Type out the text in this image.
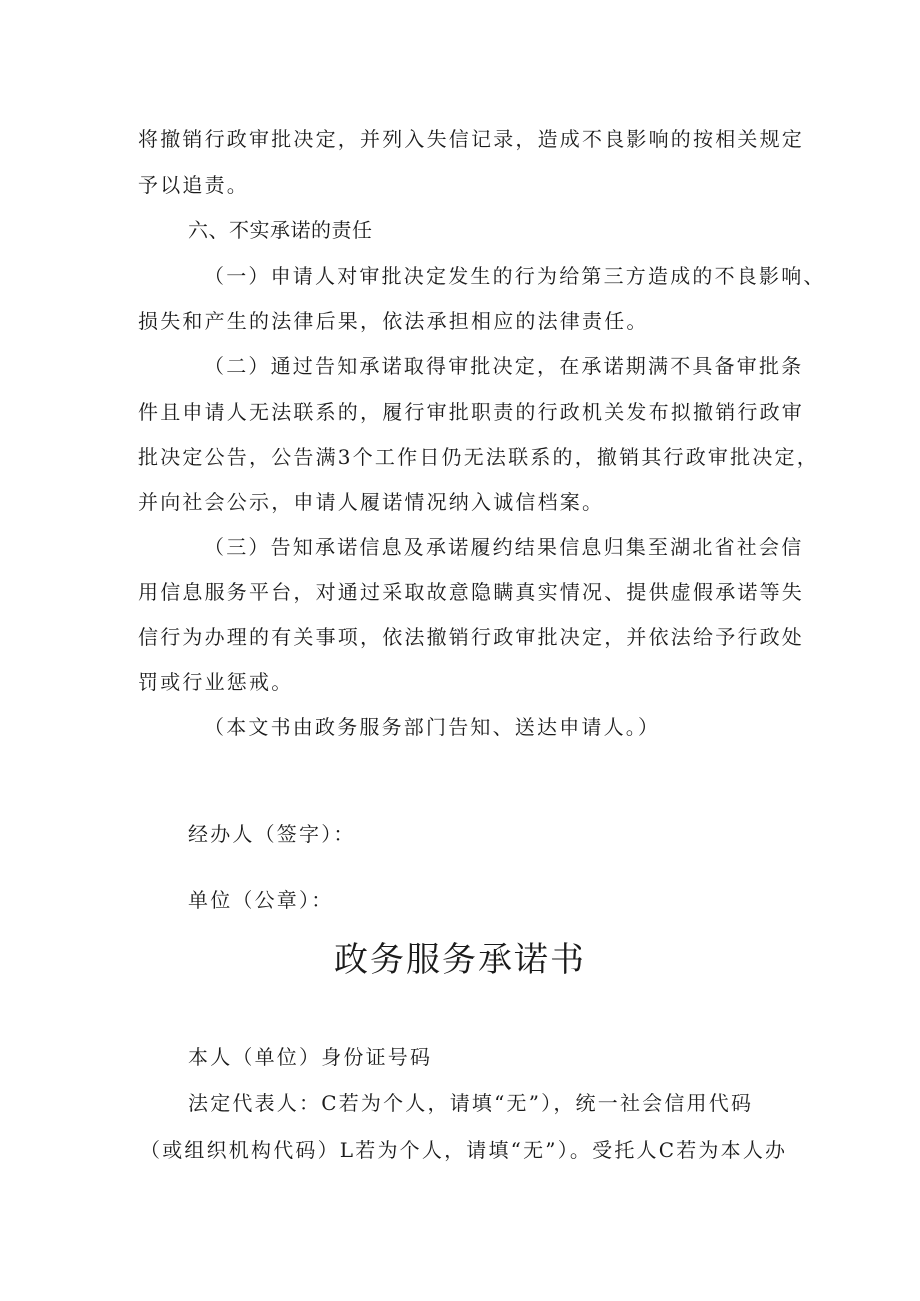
将撤销行政审批决定，并列入失信记录，造成不良影响的按相关规定
予以追责。
六、不实承诺的责任
（一）申请人对审批决定发生的行为给第三方造成的不良影响、
损失和产生的法律后果，依法承担相应的法律责任。
（二）通过告知承诺取得审批决定，在承诺期满不具备审批条
件且申请人无法联系的，履行审批职责的行政机关发布拟撤销行政审
批决定公告，公告满3个工作日仍无法联系的，撤销其行政审批决定，
并向社会公示，申请人履诺情况纳入诚信档案。
（三）告知承诺信息及承诺履约结果信息归集至湖北省社会信
用信息服务平台，对通过采取故意隐瞒真实情况、提供虚假承诺等失
信行为办理的有关事项，依法撤销行政审批决定，并依法给予行政处
罚或行业惩戒。
（本文书由政务服务部门告知、送达申请人。）
经办人（签字）：
单位（公章）：
政务服务承诺书
本人（单位）身份证号码
法定代表人：C若为个人，请填“无”），统一社会信用代码
（或组织机构代码）L若为个人，请填“无”）。受托人C若为本人办
